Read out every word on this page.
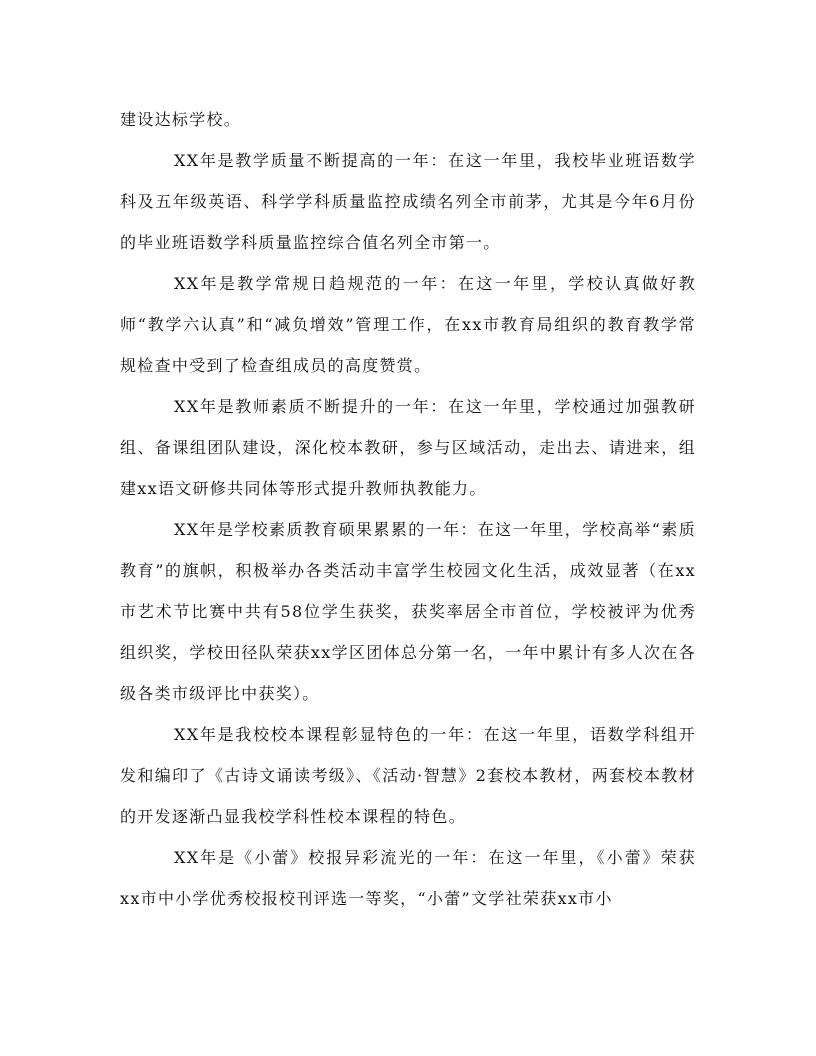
建设达标学校。

XX年是教学质量不断提高的一年：在这一年里，我校毕业班语数学科及五年级英语、科学学科质量监控成绩名列全市前茅，尤其是今年6月份的毕业班语数学科质量监控综合值名列全市第一。

XX年是教学常规日趋规范的一年：在这一年里，学校认真做好教师“教学六认真”和“减负增效”管理工作，在xx市教育局组织的教育教学常规检查中受到了检查组成员的高度赞赏。

XX年是教师素质不断提升的一年：在这一年里，学校通过加强教研组、备课组团队建设，深化校本教研，参与区域活动，走出去、请进来，组建xx语文研修共同体等形式提升教师执教能力。

XX年是学校素质教育硕果累累的一年：在这一年里，学校高举“素质教育”的旗帜，积极举办各类活动丰富学生校园文化生活，成效显著（在xx市艺术节比赛中共有58位学生获奖，获奖率居全市首位，学校被评为优秀组织奖，学校田径队荣获xx学区团体总分第一名，一年中累计有多人次在各级各类市级评比中获奖）。

XX年是我校校本课程彰显特色的一年：在这一年里，语数学科组开发和编印了《古诗文诵读考级》、《活动·智慧》2套校本教材，两套校本教材的开发逐渐凸显我校学科性校本课程的特色。

XX年是《小蕾》校报异彩流光的一年：在这一年里，《小蕾》荣获xx市中小学优秀校报校刊评选一等奖，“小蕾”文学社荣获xx市小
